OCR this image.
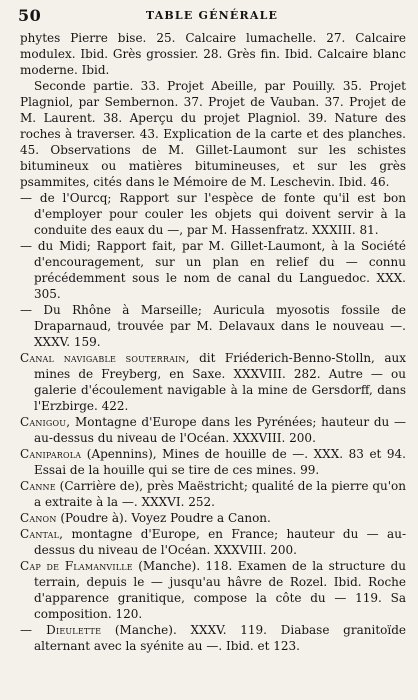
50	TABLE GÉNÉRALE

phytes Pierre bise. 25. Calcaire lumachelle. 27. Calcaire modulex. Ibid. Grès grossier. 28. Grès fin. Ibid. Calcaire blanc moderne. Ibid.

Seconde partie. 33. Projet Abeille, par Pouilly. 35. Projet Plagniol, par Sembernon. 37. Projet de Vauban. 37. Projet de M. Laurent. 38. Aperçu du projet Plagniol. 39. Nature des roches à traverser. 43. Explication de la carte et des planches. 45. Observations de M. Gillet-Laumont sur les schistes bitumineux ou matières bitumineuses, et sur les grès psammites, cités dans le Mémoire de M. Leschevin. Ibid. 46.

— de l'Ourcq; Rapport sur l'espèce de fonte qu'il est bon d'employer pour couler les objets qui doivent servir à la conduite des eaux du —, par M. Hassenfratz. XXXIII. 81.

— du Midi; Rapport fait, par M. Gillet-Laumont, à la Société d'encouragement, sur un plan en relief du — connu précédemment sous le nom de canal du Languedoc. XXX. 305.

— Du Rhône à Marseille; Auricula myosotis fossile de Draparnaud, trouvée par M. Delavaux dans le nouveau —. XXXV. 159.

Canal navigable souterrain, dit Friéderich-Benno-Stolln, aux mines de Freyberg, en Saxe. XXXVIII. 282. Autre — ou galerie d'écoulement navigable à la mine de Gersdorff, dans l'Erzbirge. 422.

Canigou, Montagne d'Europe dans les Pyrénées; hauteur du — au-dessus du niveau de l'Océan. XXXVIII. 200.

Caniparola (Apennins), Mines de houille de —. XXX. 83 et 94. Essai de la houille qui se tire de ces mines. 99.

Canne (Carrière de), près Maëstricht; qualité de la pierre qu'on a extraite à la —. XXXVI. 252.

Canon (Poudre à). Voyez Poudre a Canon.

Cantal, montagne d'Europe, en France; hauteur du — au-dessus du niveau de l'Océan. XXXVIII. 200.

Cap de Flamanville (Manche). 118. Examen de la structure du terrain, depuis le — jusqu'au hâvre de Rozel. Ibid. Roche d'apparence granitique, compose la côte du — 119. Sa composition. 120.

— Dieulette (Manche). XXXV. 119. Diabase granitoïde alternant avec la syénite au —. Ibid. et 123.
